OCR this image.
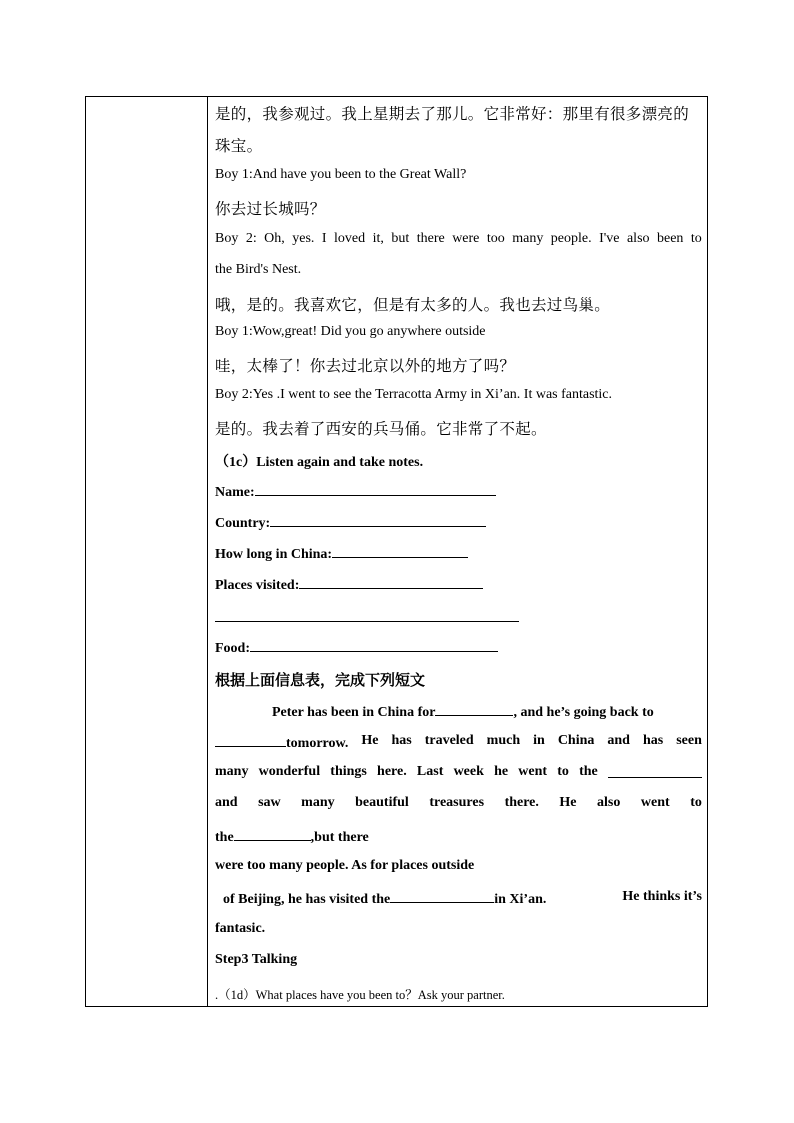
是的，我参观过。我上星期去了那儿。它非常好：那里有很多漂亮的
珠宝。
Boy 1:And have you been to the Great Wall?
你去过长城吗？
Boy 2: Oh, yes. I loved it, but there were too many people. I've also been to
the Bird's Nest.
哦，是的。我喜欢它，但是有太多的人。我也去过鸟巢。
Boy 1:Wow,great! Did you go anywhere outside
哇，太棒了！你去过北京以外的地方了吗？
Boy 2:Yes .I went to see the Terracotta Army in Xi’an. It was fantastic.
是的。我去着了西安的兵马俑。它非常了不起。
（1c）Listen again and take notes.
Name:
Country:
How long in China:
Places visited:
Food:
根据上面信息表，完成下列短文
Peter has been in China for	, and he’s going back to
tomorrow. He has traveled much in China and has seen
many wonderful things here. Last week he went to the
and saw many beautiful treasures there. He also went to
the	,but there
were too many people. As for places outside
of Beijing, he has visited the	in Xi’an.	He thinks it’s
fantasic.
Step3 Talking
.（1d）What places have you been to？Ask your partner.
